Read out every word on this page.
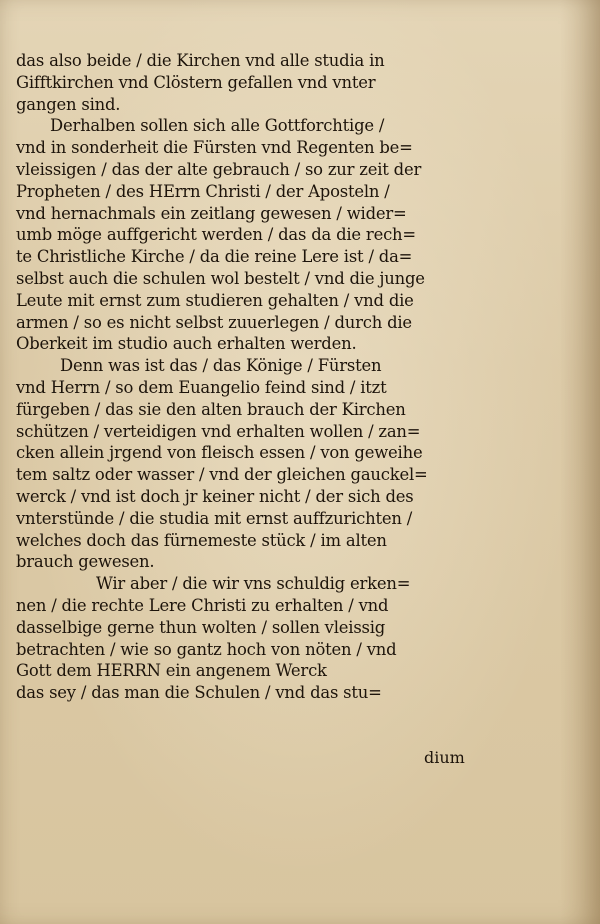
das also beide / die Kirchen vnd alle studia in
Gifftkirchen vnd Clöstern gefallen vnd vnter
gangen sind.
Derhalben sollen sich alle Gottforchtige /
vnd in sonderheit die Fürsten vnd Regenten be=
vleissigen / das der alte gebrauch / so zur zeit der
Propheten / des HErrn Christi / der Aposteln /
vnd hernachmals ein zeitlang gewesen / wider=
umb möge auffgericht werden / das da die rech=
te Christliche Kirche / da die reine Lere ist / da=
selbst auch die schulen wol bestelt / vnd die junge
Leute mit ernst zum studieren gehalten / vnd die
armen / so es nicht selbst zuuerlegen / durch die
Oberkeit im studio auch erhalten werden.
Denn was ist das / das Könige / Fürsten
vnd Herrn / so dem Euangelio feind sind / itzt
fürgeben / das sie den alten brauch der Kirchen
schützen / verteidigen vnd erhalten wollen / zan=
cken allein jrgend von fleisch essen / von geweihe
tem saltz oder wasser / vnd der gleichen gauckel=
werck / vnd ist doch jr keiner nicht / der sich des
vnterstünde / die studia mit ernst auffzurichten /
welches doch das fürnemeste stück / im alten
brauch gewesen.
Wir aber / die wir vns schuldig erken=
nen / die rechte Lere Christi zu erhalten / vnd
dasselbige gerne thun wolten / sollen vleissig
betrachten / wie so gantz hoch von nöten / vnd
Gott dem HERRN ein angenem Werck
das sey / das man die Schulen / vnd das stu=
dium
